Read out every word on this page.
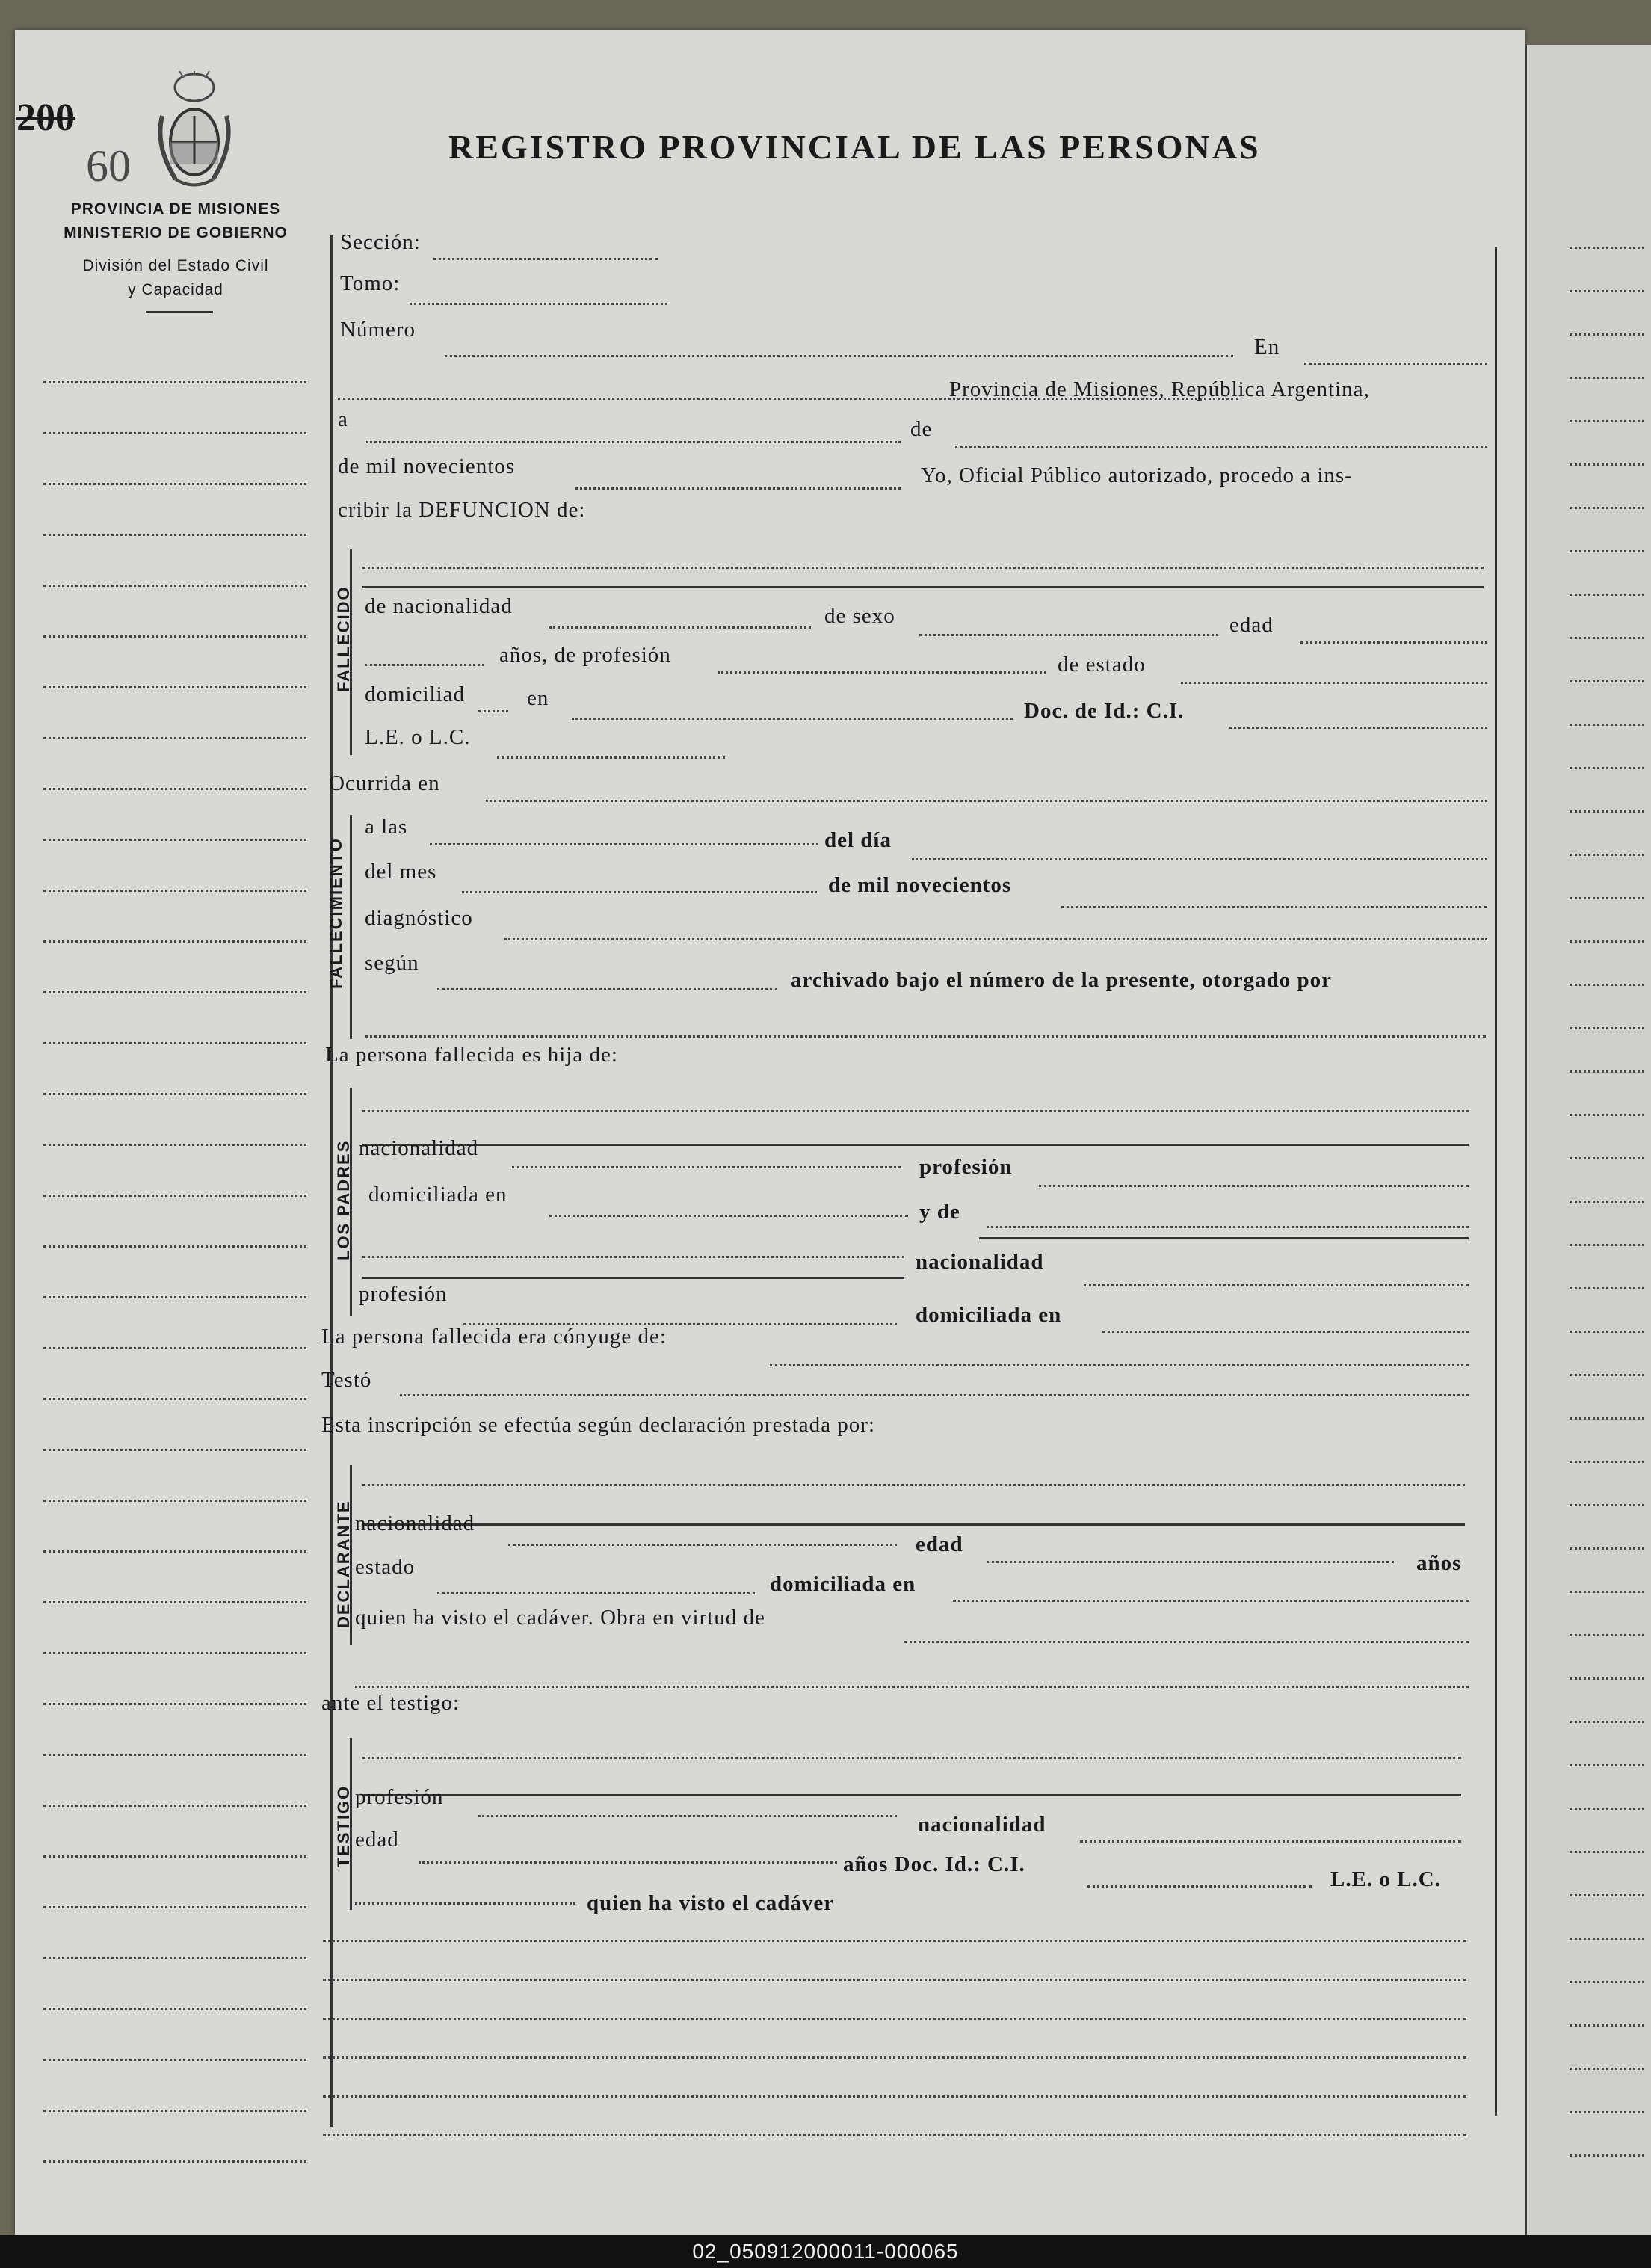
200
60
PROVINCIA DE MISIONES
MINISTERIO DE GOBIERNO
División del Estado Civil
y Capacidad
REGISTRO PROVINCIAL DE LAS PERSONAS
Sección:
Tomo:
Número
En
Provincia de Misiones, República Argentina,
a	de
de mil novecientos	Yo, Oficial Público autorizado, procedo a ins-
cribir la DEFUNCION de:
FALLECIDO de nacionalidad	de sexo	edad
años, de profesión	de estado
domiciliad	en
Doc. de Id.: C.I.
L.E. o L.C.
Ocurrida en
FALLECIMIENTO
a las
del día
del mes
de mil novecientos
diagnóstico
según
archivado bajo el número de la presente, otorgado por
La persona fallecida es hija de:
LOS PADRES nacionalidad
profesión
domiciliada en
y de
nacionalidad
profesión
domiciliada en
La persona fallecida era cónyuge de:
Testó
Esta inscripción se efectúa según declaración prestada por:
DECLARANTE nacionalidad
edad
años
estado
domiciliada en
quien ha visto el cadáver. Obra en virtud de
ante el testigo:
TESTIGO profesión
nacionalidad
edad
años Doc. Id.: C.I.
L.E. o L.C.
quien ha visto el cadáver
02_050912000011-000065
